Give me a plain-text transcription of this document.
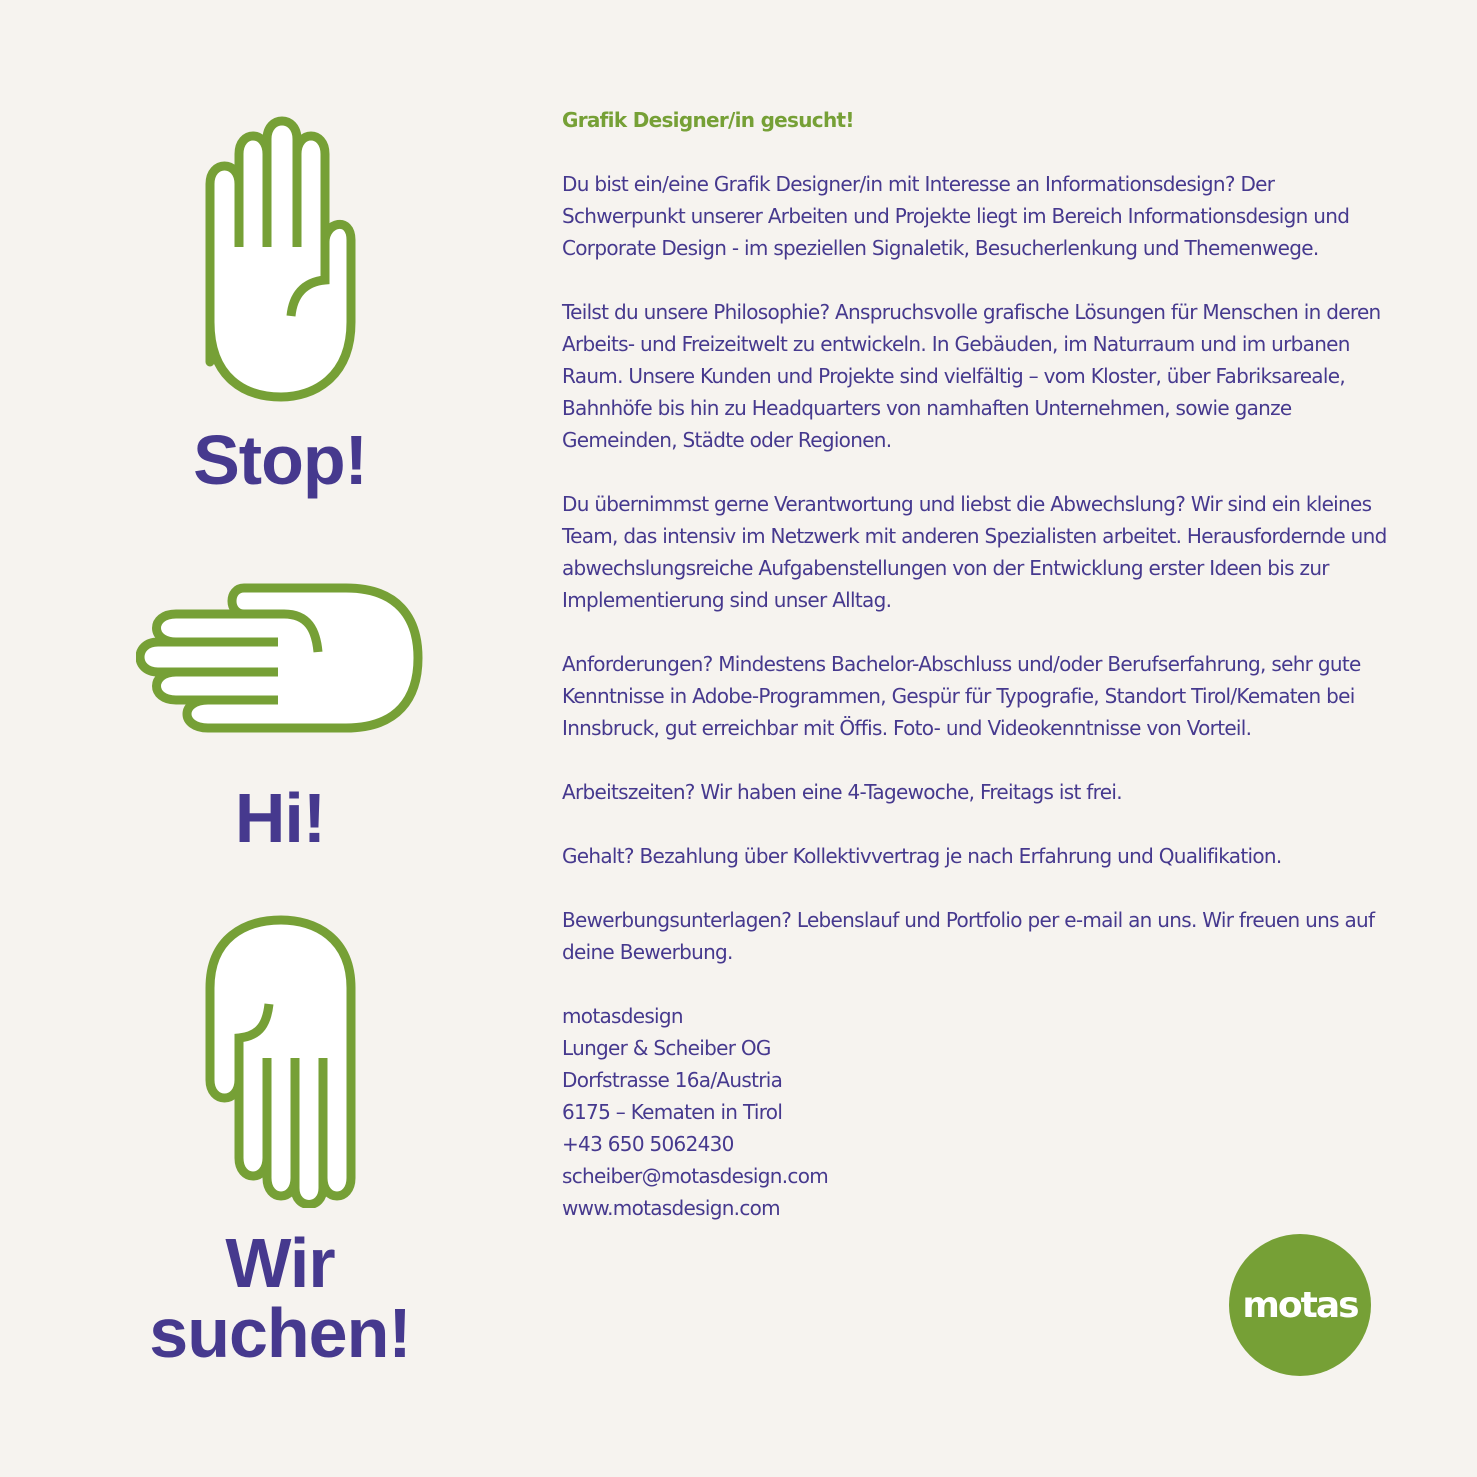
Stop!
Hi!
Wir
suchen!

Grafik Designer/in gesucht!

Du bist ein/eine Grafik Designer/in mit Interesse an Informationsdesign? Der Schwerpunkt unserer Arbeiten und Projekte liegt im Bereich Informationsdesign und Corporate Design - im speziellen Signaletik, Besucherlenkung und Themenwege.

Teilst du unsere Philosophie? Anspruchsvolle grafische Lösungen für Menschen in deren Arbeits- und Freizeitwelt zu entwickeln. In Gebäuden, im Naturraum und im urbanen Raum. Unsere Kunden und Projekte sind vielfältig – vom Kloster, über Fabriksareale, Bahnhöfe bis hin zu Headquarters von namhaften Unternehmen, sowie ganze Gemeinden, Städte oder Regionen.

Du übernimmst gerne Verantwortung und liebst die Abwechslung? Wir sind ein kleines Team, das intensiv im Netzwerk mit anderen Spezialisten arbeitet. Herausfordernde und abwechslungsreiche Aufgabenstellungen von der Entwicklung erster Ideen bis zur Implementierung sind unser Alltag.

Anforderungen? Mindestens Bachelor-Abschluss und/oder Berufserfahrung, sehr gute Kenntnisse in Adobe-Programmen, Gespür für Typografie, Standort Tirol/Kematen bei Innsbruck, gut erreichbar mit Öffis. Foto- und Videokenntnisse von Vorteil.

Arbeitszeiten? Wir haben eine 4-Tagewoche, Freitags ist frei.

Gehalt? Bezahlung über Kollektivvertrag je nach Erfahrung und Qualifikation.

Bewerbungsunterlagen? Lebenslauf und Portfolio per e-mail an uns. Wir freuen uns auf deine Bewerbung.

motasdesign
Lunger & Scheiber OG
Dorfstrasse 16a/Austria
6175 – Kematen in Tirol
+43 650 5062430
scheiber@motasdesign.com
www.motasdesign.com
motas
